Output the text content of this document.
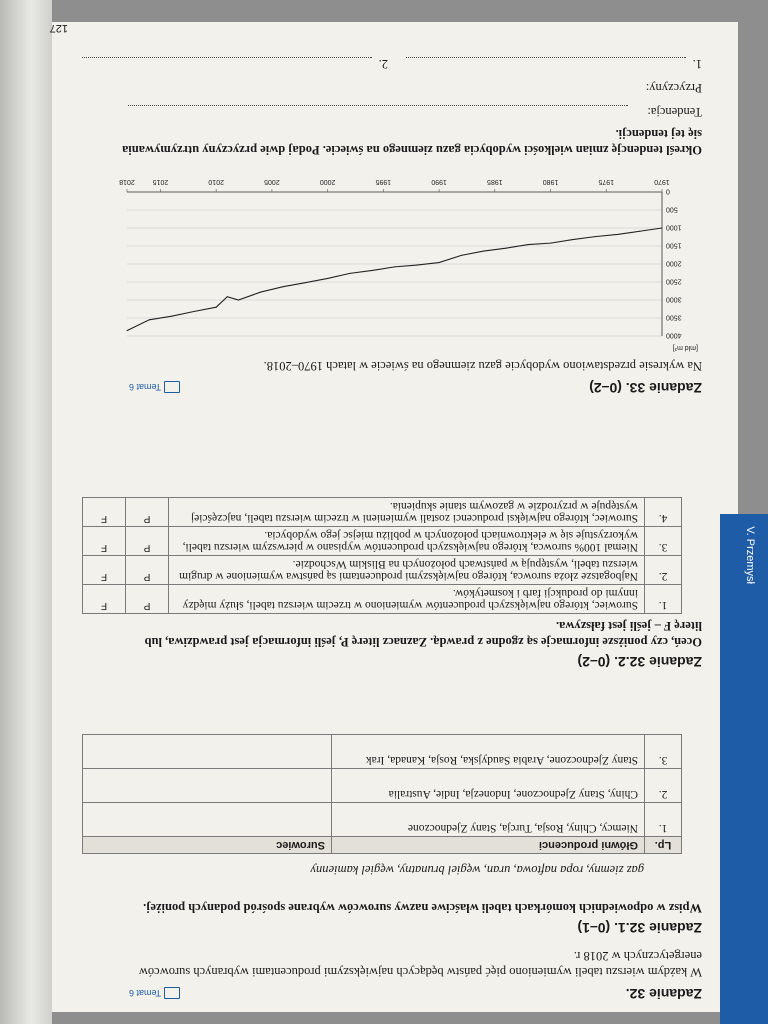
V. Przemysł
Zadanie 32.
Temat 6
W każdym wierszu tabeli wymieniono pięć państw będących największymi producentami wybranych surowców energetycznych w 2018 r.
Zadanie 32.1. (0–1)
Wpisz w odpowiednich komórkach tabeli właściwe nazwy surowców wybrane spośród podanych poniżej.
gaz ziemny, ropa naftowa, uran, węgiel brunatny, węgiel kamienny
Lp.	Główni producenci	Surowiec
1.	Niemcy, Chiny, Rosja, Turcja, Stany Zjednoczone	
2.	Chiny, Stany Zjednoczone, Indonezja, Indie, Australia	
3.	Stany Zjednoczone, Arabia Saudyjska, Rosja, Kanada, Irak	
Zadanie 32.2. (0–2)
Oceń, czy poniższe informacje są zgodne z prawdą. Zaznacz literę P, jeśli informacja jest prawdziwa, lub literę F – jeśli jest fałszywa.
1.	Surowiec, którego największych producentów wymieniono w trzecim wierszu tabeli, służy między innymi do produkcji farb i kosmetyków.	P	F
2.	Najbogatsze złoża surowca, którego największymi producentami są państwa wymienione w drugim wierszu tabeli, występują w państwach położonych na Bliskim Wschodzie.	P	F
3.	Niemal 100% surowca, którego największych producentów wypisano w pierwszym wierszu tabeli, wykorzystuje się w elektrowniach położonych w pobliżu miejsc jego wydobycia.	P	F
4.	Surowiec, którego najwięksi producenci zostali wymienieni w trzecim wierszu tabeli, najczęściej występuje w przyrodzie w gazowym stanie skupienia.	P	F
Zadanie 33. (0–2)
Temat 6
Na wykresie przedstawiono wydobycie gazu ziemnego na świecie w latach 1970–2018.
[mld m³]
0
500
1000
1500
2000
2500
3000
3500
4000
1970
1975
1980
1985
1990
1995
2000
2005
2010
2015
2018
Określ tendencję zmian wielkości wydobycia gazu ziemnego na świecie. Podaj dwie przyczyny utrzymywania się tej tendencji.
Tendencja:
Przyczyny:
1.
2.
127
